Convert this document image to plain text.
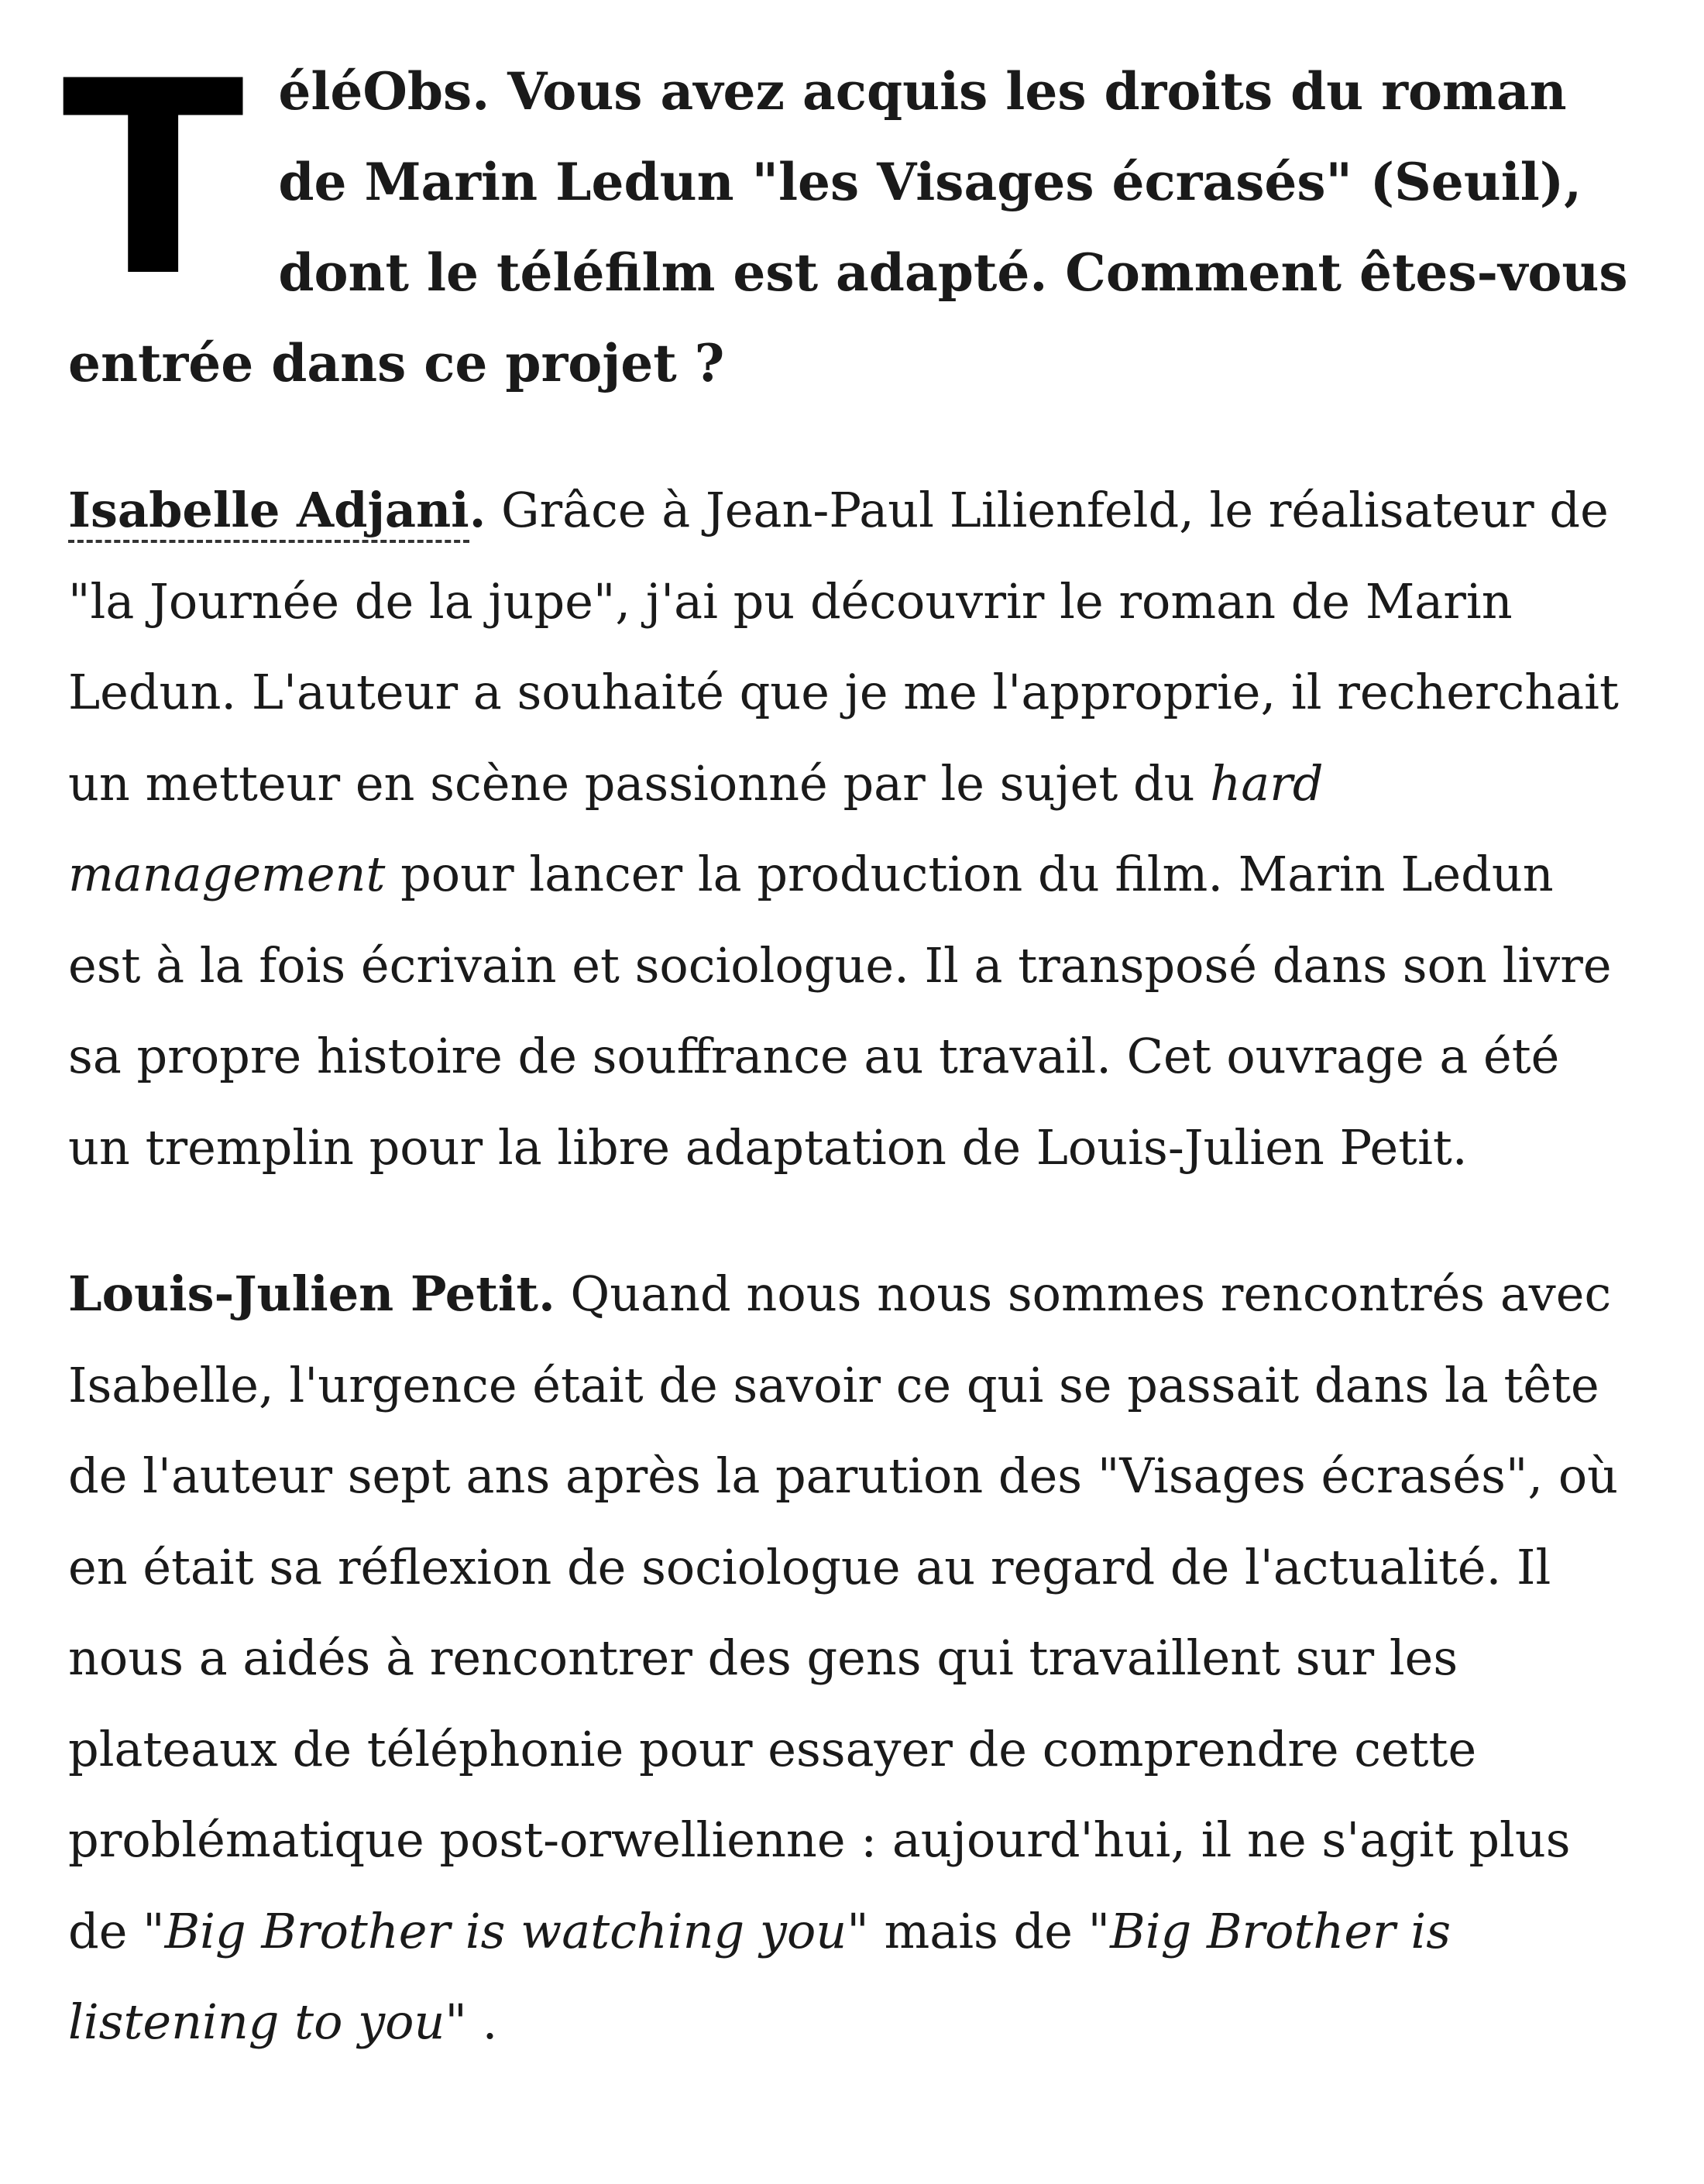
T éléObs. Vous avez acquis les droits du roman de Marin Ledun "les Visages écrasés" (Seuil), dont le téléfilm est adapté. Comment êtes-vous entrée dans ce projet ?

Isabelle Adjani. Grâce à Jean-Paul Lilienfeld, le réalisateur de "la Journée de la jupe", j'ai pu découvrir le roman de Marin Ledun. L'auteur a souhaité que je me l'approprie, il recherchait un metteur en scène passionné par le sujet du hard management pour lancer la production du film. Marin Ledun est à la fois écrivain et sociologue. Il a transposé dans son livre sa propre histoire de souffrance au travail. Cet ouvrage a été un tremplin pour la libre adaptation de Louis-Julien Petit.

Louis-Julien Petit. Quand nous nous sommes rencontrés avec Isabelle, l'urgence était de savoir ce qui se passait dans la tête de l'auteur sept ans après la parution des "Visages écrasés", où en était sa réflexion de sociologue au regard de l'actualité. Il nous a aidés à rencontrer des gens qui travaillent sur les plateaux de téléphonie pour essayer de comprendre cette problématique post-orwellienne : aujourd'hui, il ne s'agit plus de "Big Brother is watching you" mais de "Big Brother is listening to you" .
